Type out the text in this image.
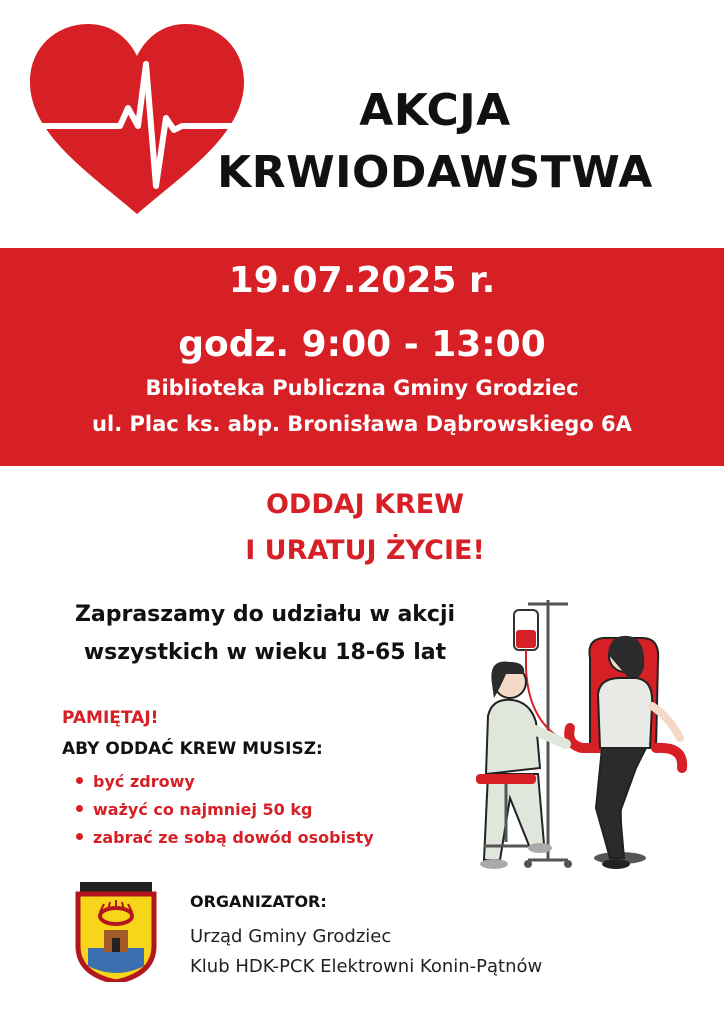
AKCJA
KRWIODAWSTWA
19.07.2025 r.
godz. 9:00 - 13:00
Biblioteka Publiczna Gminy Grodziec
ul. Plac ks. abp. Bronisława Dąbrowskiego 6A
ODDAJ KREW
I URATUJ ŻYCIE!
Zapraszamy do udziału w akcji
wszystkich w wieku 18-65 lat
PAMIĘTAJ!
ABY ODDAĆ KREW MUSISZ:
być zdrowy
ważyć co najmniej 50 kg
zabrać ze sobą dowód osobisty
ORGANIZATOR:
Urząd Gminy Grodziec
Klub HDK-PCK Elektrowni Konin-Pątnów
